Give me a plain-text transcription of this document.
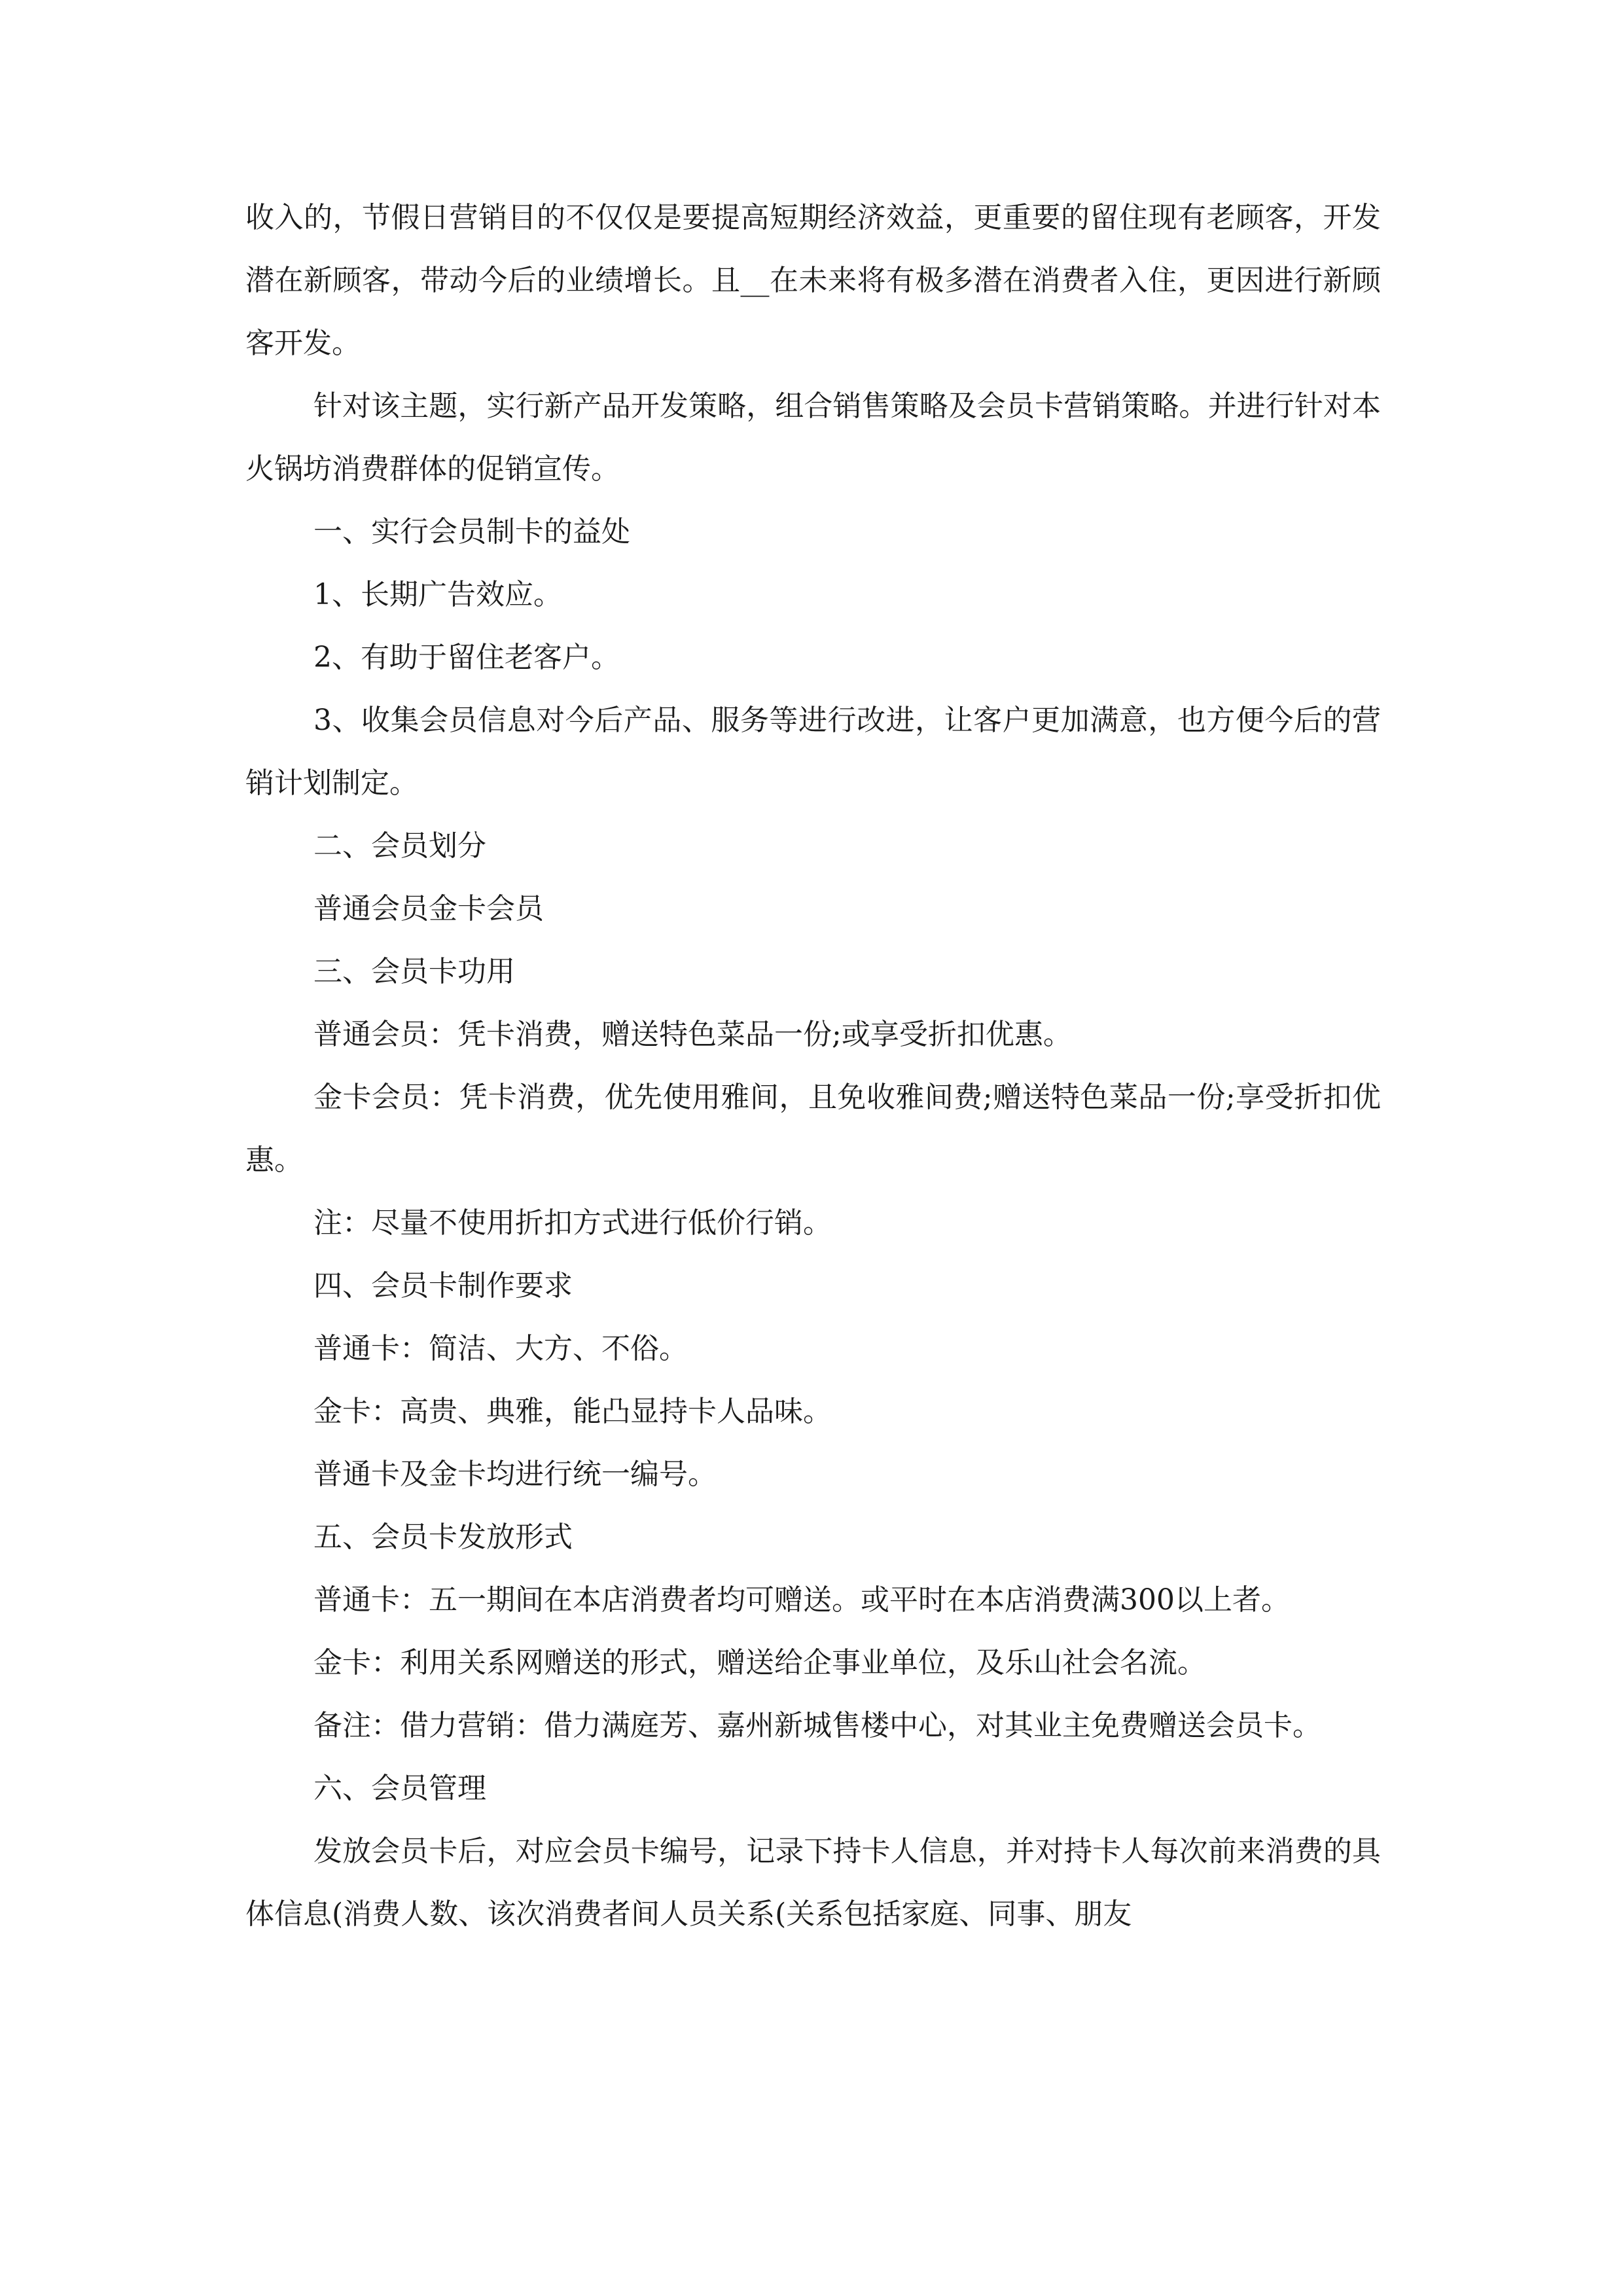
收入的，节假日营销目的不仅仅是要提高短期经济效益，更重要的留住现有老顾客，开发潜在新顾客，带动今后的业绩增长。且__在未来将有极多潜在消费者入住，更因进行新顾客开发。

针对该主题，实行新产品开发策略，组合销售策略及会员卡营销策略。并进行针对本火锅坊消费群体的促销宣传。

一、实行会员制卡的益处

1、长期广告效应。

2、有助于留住老客户。

3、收集会员信息对今后产品、服务等进行改进，让客户更加满意，也方便今后的营销计划制定。

二、会员划分

普通会员金卡会员

三、会员卡功用

普通会员：凭卡消费，赠送特色菜品一份;或享受折扣优惠。

金卡会员：凭卡消费，优先使用雅间，且免收雅间费;赠送特色菜品一份;享受折扣优惠。

注：尽量不使用折扣方式进行低价行销。

四、会员卡制作要求

普通卡：简洁、大方、不俗。

金卡：高贵、典雅，能凸显持卡人品味。

普通卡及金卡均进行统一编号。

五、会员卡发放形式

普通卡：五一期间在本店消费者均可赠送。或平时在本店消费满300以上者。

金卡：利用关系网赠送的形式，赠送给企事业单位，及乐山社会名流。

备注：借力营销：借力满庭芳、嘉州新城售楼中心，对其业主免费赠送会员卡。

六、会员管理

发放会员卡后，对应会员卡编号，记录下持卡人信息，并对持卡人每次前来消费的具体信息(消费人数、该次消费者间人员关系(关系包括家庭、同事、朋友
